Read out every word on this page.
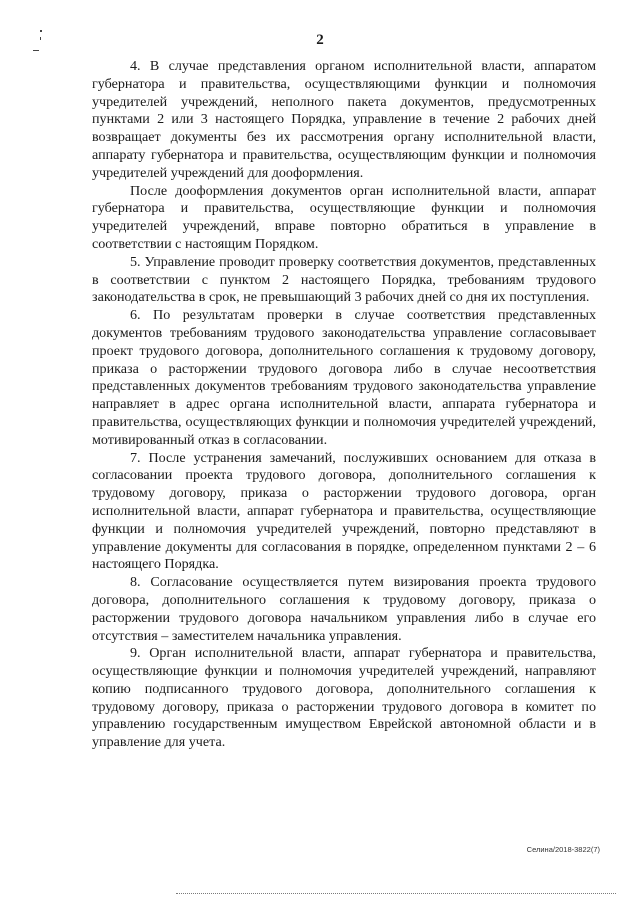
2

4. В случае представления органом исполнительной власти, аппаратом губернатора и правительства, осуществляющими функции и полномочия учредителей учреждений, неполного пакета документов, предусмотренных пунктами 2 или 3 настоящего Порядка, управление в течение 2 рабочих дней возвращает документы без их рассмотрения органу исполнительной власти, аппарату губернатора и правительства, осуществляющим функции и полномочия учредителей учреждений для дооформления.

После дооформления документов орган исполнительной власти, аппарат губернатора и правительства, осуществляющие функции и полномочия учредителей учреждений, вправе повторно обратиться в управление в соответствии с настоящим Порядком.

5. Управление проводит проверку соответствия документов, представленных в соответствии с пунктом 2 настоящего Порядка, требованиям трудового законодательства в срок, не превышающий 3 рабочих дней со дня их поступления.

6. По результатам проверки в случае соответствия представленных документов требованиям трудового законодательства управление согласовывает проект трудового договора, дополнительного соглашения к трудовому договору, приказа о расторжении трудового договора либо в случае несоответствия представленных документов требованиям трудового законодательства управление направляет в адрес органа исполнительной власти, аппарата губернатора и правительства, осуществляющих функции и полномочия учредителей учреждений, мотивированный отказ в согласовании.

7. После устранения замечаний, послуживших основанием для отказа в согласовании проекта трудового договора, дополнительного соглашения к трудовому договору, приказа о расторжении трудового договора, орган исполнительной власти, аппарат губернатора и правительства, осуществляющие функции и полномочия учредителей учреждений, повторно представляют в управление документы для согласования в порядке, определенном пунктами 2 – 6 настоящего Порядка.

8. Согласование осуществляется путем визирования проекта трудового договора, дополнительного соглашения к трудовому договору, приказа о расторжении трудового договора начальником управления либо в случае его отсутствия – заместителем начальника управления.

9. Орган исполнительной власти, аппарат губернатора и правительства, осуществляющие функции и полномочия учредителей учреждений, направляют копию подписанного трудового договора, дополнительного соглашения к трудовому договору, приказа о расторжении трудового договора в комитет по управлению государственным имуществом Еврейской автономной области и в управление для учета.

Селина/2018-3822(7)
